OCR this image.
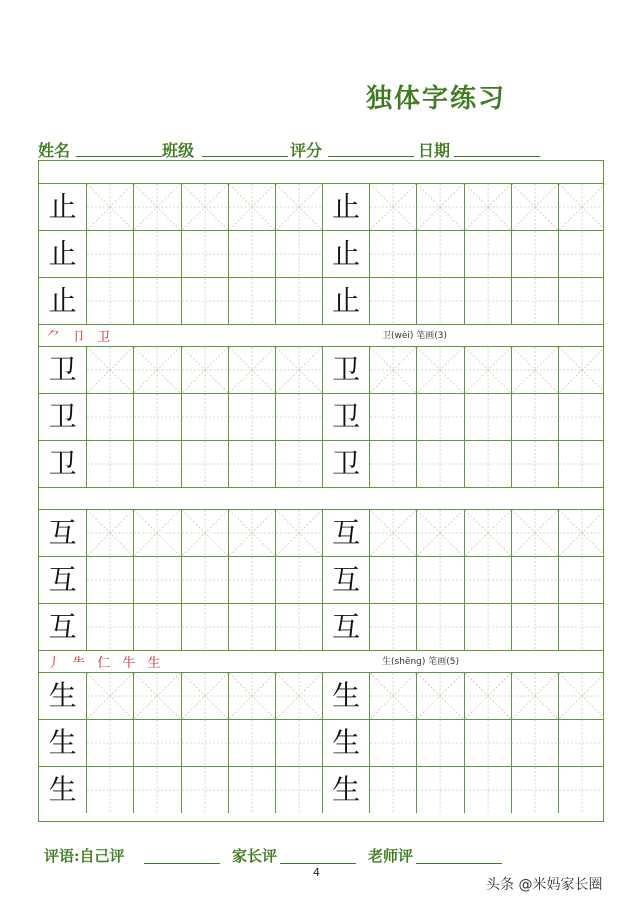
独体字练习
姓名	班级	评分	日期
止	止
止	止
止	止
⺈ 卩 卫	卫(wèi) 笔画(3)
卫	卫
卫	卫
卫	卫
互	互
互	互
互	互
丿 ⺧ 仁 牛 生	生(shēng) 笔画(5)
生	生
生	生
生	生
评语:自己评	家长评	老师评
4
头条 @米妈家长圈
